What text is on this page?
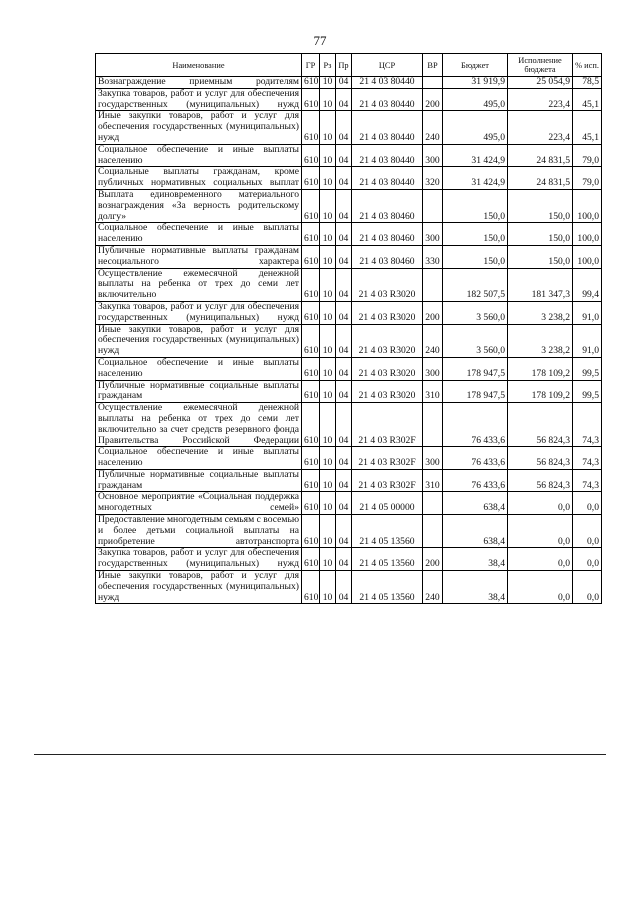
77
Наименование	ГР	Рз	Пр	ЦСР	ВР	Бюджет	Исполнение бюджета	% исп.
Вознаграждение приемным родителям	610	10	04	21 4 03 80440		31 919,9	25 054,9	78,5
Закупка товаров, работ и услуг для обеспечения государственных (муниципальных) нужд	610	10	04	21 4 03 80440	200	495,0	223,4	45,1
Иные закупки товаров, работ и услуг для обеспечения государственных (муниципальных) нужд	610	10	04	21 4 03 80440	240	495,0	223,4	45,1
Социальное обеспечение и иные выплаты населению	610	10	04	21 4 03 80440	300	31 424,9	24 831,5	79,0
Социальные выплаты гражданам, кроме публичных нормативных социальных выплат	610	10	04	21 4 03 80440	320	31 424,9	24 831,5	79,0
Выплата единовременного материального вознаграждения «За верность родительскому долгу»	610	10	04	21 4 03 80460		150,0	150,0	100,0
Социальное обеспечение и иные выплаты населению	610	10	04	21 4 03 80460	300	150,0	150,0	100,0
Публичные нормативные выплаты гражданам несоциального характера	610	10	04	21 4 03 80460	330	150,0	150,0	100,0
Осуществление ежемесячной денежной выплаты на ребенка от трех до семи лет включительно	610	10	04	21 4 03 R3020		182 507,5	181 347,3	99,4
Закупка товаров, работ и услуг для обеспечения государственных (муниципальных) нужд	610	10	04	21 4 03 R3020	200	3 560,0	3 238,2	91,0
Иные закупки товаров, работ и услуг для обеспечения государственных (муниципальных) нужд	610	10	04	21 4 03 R3020	240	3 560,0	3 238,2	91,0
Социальное обеспечение и иные выплаты населению	610	10	04	21 4 03 R3020	300	178 947,5	178 109,2	99,5
Публичные нормативные социальные выплаты гражданам	610	10	04	21 4 03 R3020	310	178 947,5	178 109,2	99,5
Осуществление ежемесячной денежной выплаты на ребенка от трех до семи лет включительно за счет средств резервного фонда Правительства Российской Федерации	610	10	04	21 4 03 R302F		76 433,6	56 824,3	74,3
Социальное обеспечение и иные выплаты населению	610	10	04	21 4 03 R302F	300	76 433,6	56 824,3	74,3
Публичные нормативные социальные выплаты гражданам	610	10	04	21 4 03 R302F	310	76 433,6	56 824,3	74,3
Основное мероприятие «Социальная поддержка многодетных семей»	610	10	04	21 4 05 00000		638,4	0,0	0,0
Предоставление многодетным семьям с восемью и более детьми социальной выплаты на приобретение автотранспорта	610	10	04	21 4 05 13560		638,4	0,0	0,0
Закупка товаров, работ и услуг для обеспечения государственных (муниципальных) нужд	610	10	04	21 4 05 13560	200	38,4	0,0	0,0
Иные закупки товаров, работ и услуг для обеспечения государственных (муниципальных) нужд	610	10	04	21 4 05 13560	240	38,4	0,0	0,0
